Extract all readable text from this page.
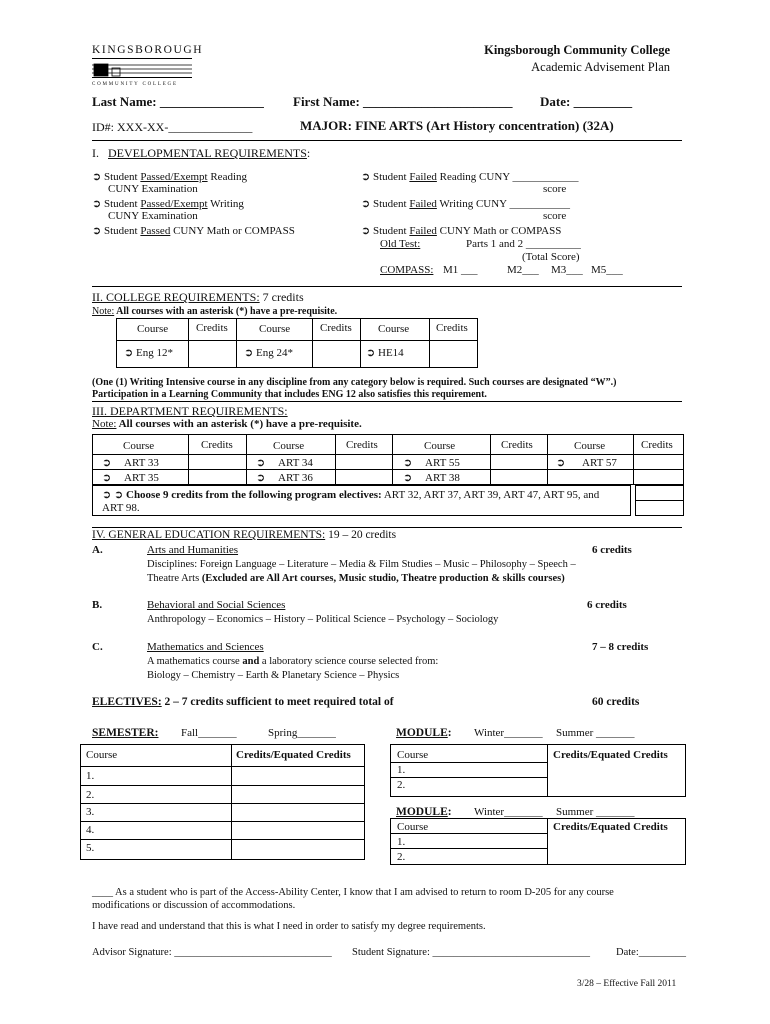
KINGSBOROUGH
COMMUNITY COLLEGE
Kingsborough Community College
Academic Advisement Plan
Last Name: ________________ First Name: _______________________ Date: _________
ID#: XXX-XX-______________	MAJOR: FINE ARTS (Art History concentration) (32A)
I. DEVELOPMENTAL REQUIREMENTS:
➲ Student Passed/Exempt Reading
CUNY Examination
➲ Student Passed/Exempt Writing
CUNY Examination
➲ Student Passed CUNY Math or COMPASS
➲ Student Failed Reading CUNY ____________
score
➲ Student Failed Writing CUNY ___________
score
➲ Student Failed CUNY Math or COMPASS
Old Test:	Parts 1 and 2 __________
(Total Score)
COMPASS: M1 ___	M2___ M3___ M5___
II. COLLEGE REQUIREMENTS: 7 credits
Note: All courses with an asterisk (*) have a pre-requisite.
Course	Credits	Course	Credits Course Credits
➲ Eng 12*	➲ Eng 24*	➲ HE14
(One (1) Writing Intensive course in any discipline from any category below is required. Such courses are designated “W”.)
Participation in a Learning Community that includes ENG 12 also satisfies this requirement.
III. DEPARTMENT REQUIREMENTS:
Note: All courses with an asterisk (*) have a pre-requisite.
Course	Credits	Course	Credits	Course	Credits	Course	Credits
➲ ART 33	➲ ART 34	➲ ART 55	➲ ART 57
➲ ART 35	➲ ART 36	➲ ART 38
➲ ➲ Choose 9 credits from the following program electives: ART 32, ART 37, ART 39, ART 47, ART 95, and
ART 98.
IV. GENERAL EDUCATION REQUIREMENTS: 19 – 20 credits
A.	Arts and Humanities	6 credits
Disciplines: Foreign Language – Literature – Media & Film Studies – Music – Philosophy – Speech –
Theatre Arts (Excluded are All Art courses, Music studio, Theatre production & skills courses)
B.	Behavioral and Social Sciences	6 credits
Anthropology – Economics – History – Political Science – Psychology – Sociology
C.	Mathematics and Sciences	7 – 8 credits
A mathematics course and a laboratory science course selected from:
Biology – Chemistry – Earth & Planetary Science – Physics
ELECTIVES: 2 – 7 credits sufficient to meet required total of	60 credits
SEMESTER: Fall_______	Spring_______
Course	Credits/Equated Credits
1.
2.
3.
4.
5.
MODULE: Winter_______ Summer _______
Course	Credits/Equated Credits
1.
2.
MODULE: Winter_______ Summer _______
Course	Credits/Equated Credits
1.
2.
____ As a student who is part of the Access-Ability Center, I know that I am advised to return to room D-205 for any course
modifications or discussion of accommodations.
I have read and understand that this is what I need in order to satisfy my degree requirements.
Advisor Signature: ______________________________ Student Signature: ______________________________ Date:_________
3/28 – Effective Fall 2011
